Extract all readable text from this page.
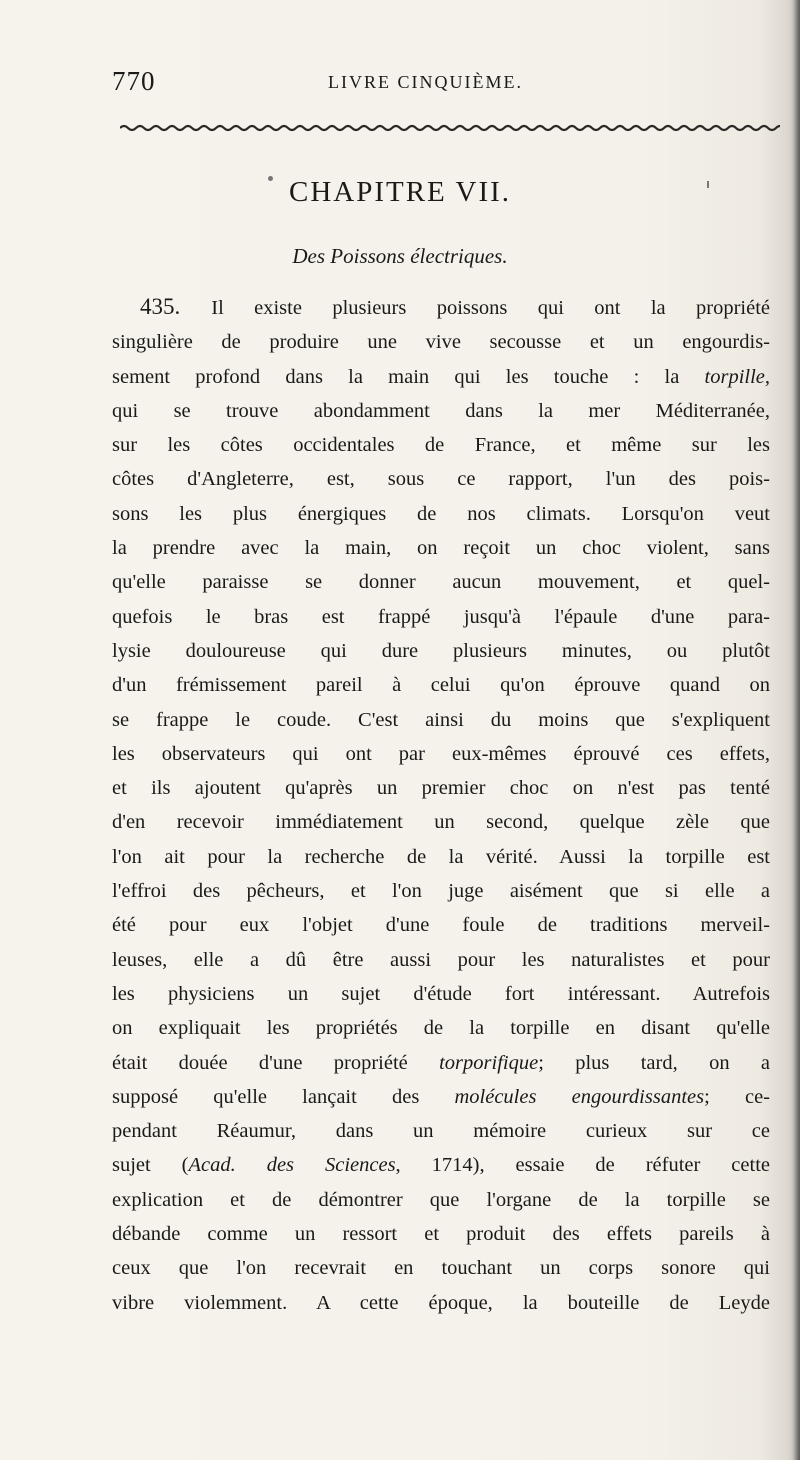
770	LIVRE CINQUIÈME.
CHAPITRE VII.
Des Poissons électriques.
435. Il existe plusieurs poissons qui ont la propriété
singulière de produire une vive secousse et un engourdis-
sement profond dans la main qui les touche : la torpille,
qui se trouve abondamment dans la mer Méditerranée,
sur les côtes occidentales de France, et même sur les
côtes d'Angleterre, est, sous ce rapport, l'un des pois-
sons les plus énergiques de nos climats. Lorsqu'on veut
la prendre avec la main, on reçoit un choc violent, sans
qu'elle paraisse se donner aucun mouvement, et quel-
quefois le bras est frappé jusqu'à l'épaule d'une para-
lysie douloureuse qui dure plusieurs minutes, ou plutôt
d'un frémissement pareil à celui qu'on éprouve quand on
se frappe le coude. C'est ainsi du moins que s'expliquent
les observateurs qui ont par eux-mêmes éprouvé ces effets,
et ils ajoutent qu'après un premier choc on n'est pas tenté
d'en recevoir immédiatement un second, quelque zèle que
l'on ait pour la recherche de la vérité. Aussi la torpille est
l'effroi des pêcheurs, et l'on juge aisément que si elle a
été pour eux l'objet d'une foule de traditions merveil-
leuses, elle a dû être aussi pour les naturalistes et pour
les physiciens un sujet d'étude fort intéressant. Autrefois
on expliquait les propriétés de la torpille en disant qu'elle
était douée d'une propriété torporifique; plus tard, on a
supposé qu'elle lançait des molécules engourdissantes; ce-
pendant Réaumur, dans un mémoire curieux sur ce
sujet (Acad. des Sciences, 1714), essaie de réfuter cette
explication et de démontrer que l'organe de la torpille se
débande comme un ressort et produit des effets pareils à
ceux que l'on recevrait en touchant un corps sonore qui
vibre violemment. A cette époque, la bouteille de Leyde
